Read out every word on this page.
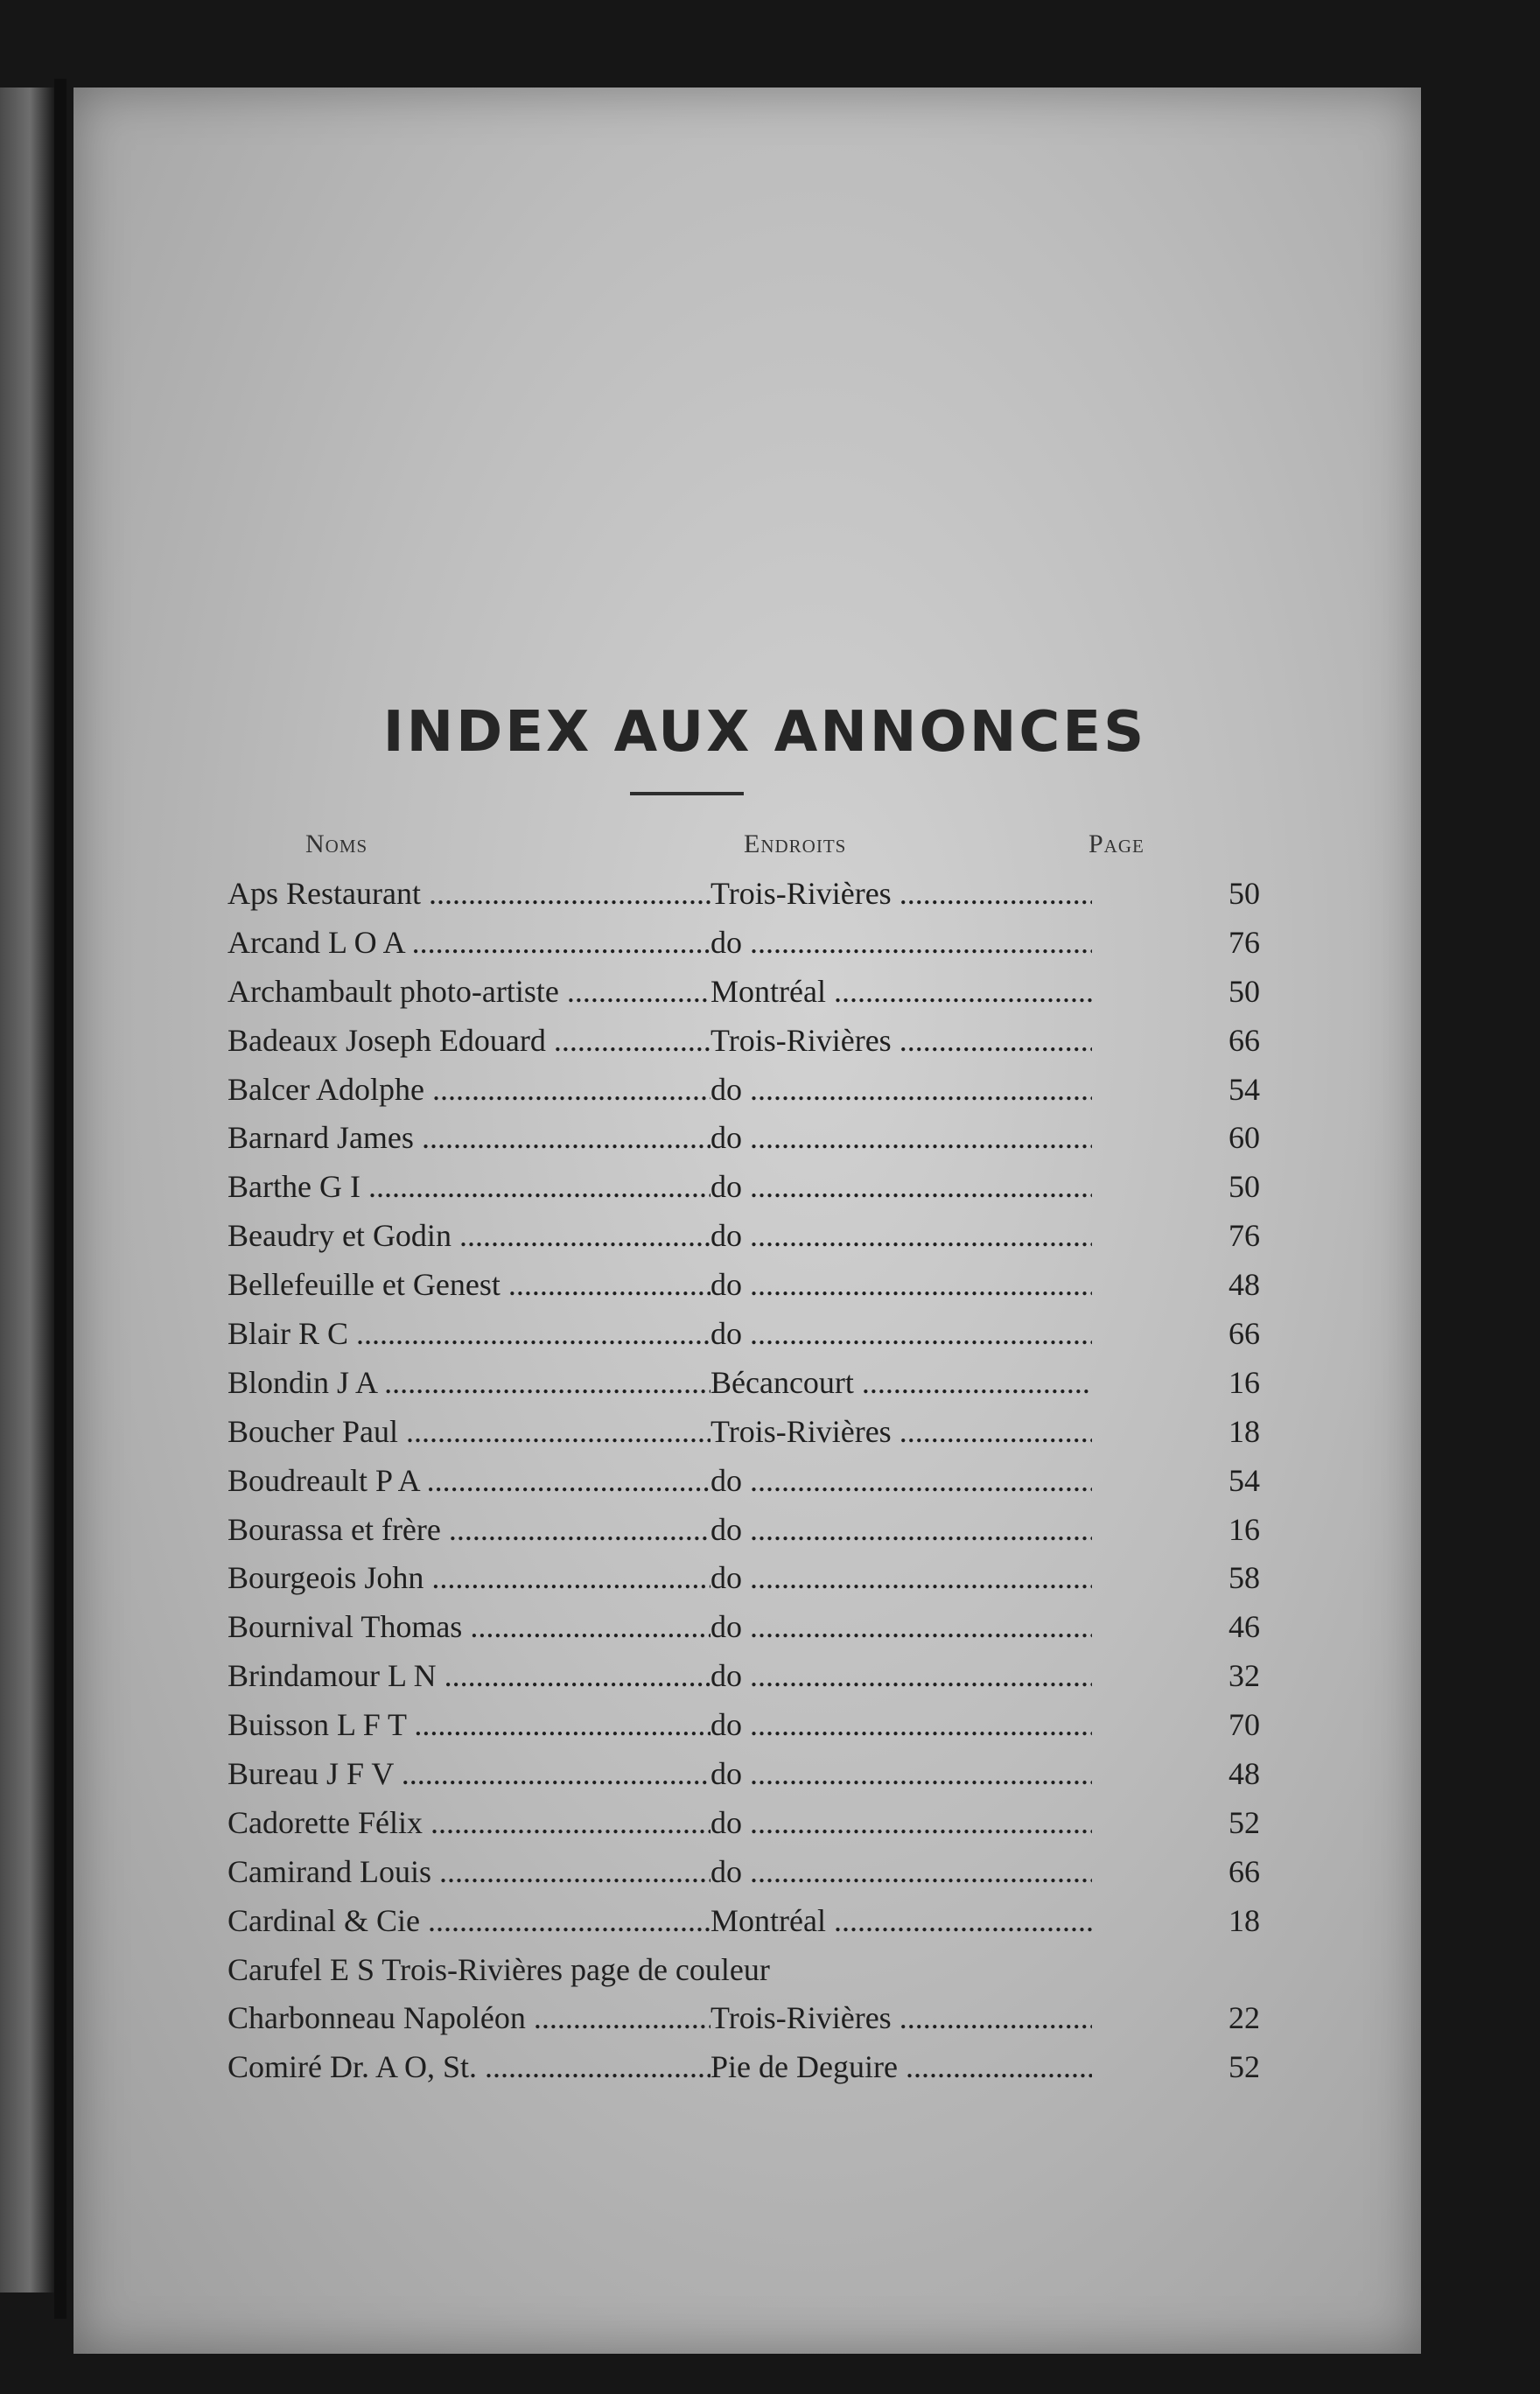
INDEX AUX ANNONCES
Noms	Endroits	Page
Aps Restaurant .....	Trois-Rivières .....	50
Arcand L O A .....	do .....	76
Archambault photo-artiste .....	Montréal .....	50
Badeaux Joseph Edouard .....	Trois-Rivières .....	66
Balcer Adolphe .....	do .....	54
Barnard James .....	do .....	60
Barthe G I .....	do .....	50
Beaudry et Godin .....	do .....	76
Bellefeuille et Genest .....	do .....	48
Blair R C .....	do .....	66
Blondin J A .....	Bécancourt .....	16
Boucher Paul .....	Trois-Rivières .....	18
Boudreault P A .....	do .....	54
Bourassa et frère .....	do .....	16
Bourgeois John .....	do .....	58
Bournival Thomas .....	do .....	46
Brindamour L N .....	do .....	32
Buisson L F T .....	do .....	70
Bureau J F V .....	do .....	48
Cadorette Félix .....	do .....	52
Camirand Louis .....	do .....	66
Cardinal & Cie .....	Montréal .....	18
Carufel E S Trois-Rivières page de couleur
Charbonneau Napoléon .....	Trois-Rivières .....	22
Comiré Dr. A O, St. .....	Pie de Deguire .....	52
